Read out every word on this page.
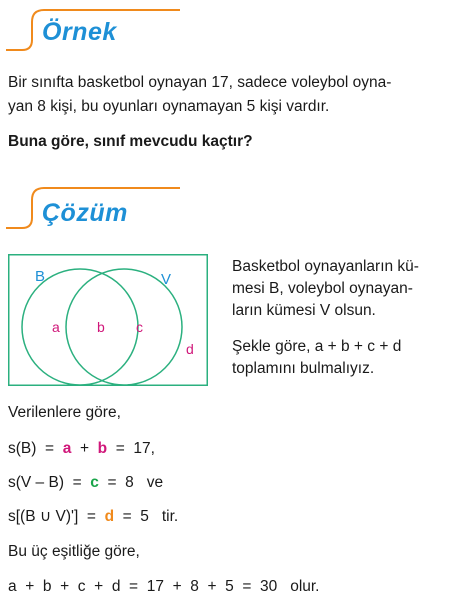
Örnek
Bir sınıfta basketbol oynayan 17, sadece voleybol oyna-
yan 8 kişi, bu oyunları oynamayan 5 kişi vardır.
Buna göre, sınıf mevcudu kaçtır?
Çözüm
B	V
a	b c
d
Basketbol oynayanların kü-
mesi B, voleybol oynayan-
ların kümesi V olsun.
Şekle göre, a + b + c + d
toplamını bulmalıyız.
Verilenlere göre,
s(B)  =  a  +  b  =  17,
s(V – B)  =  c  =  8   ve
s[(B ∪ V)']  =  d  =  5   tir.
Bu üç eşitliğe göre,
a  +  b  +  c  +  d  =  17  +  8  +  5  =  30   olur.
